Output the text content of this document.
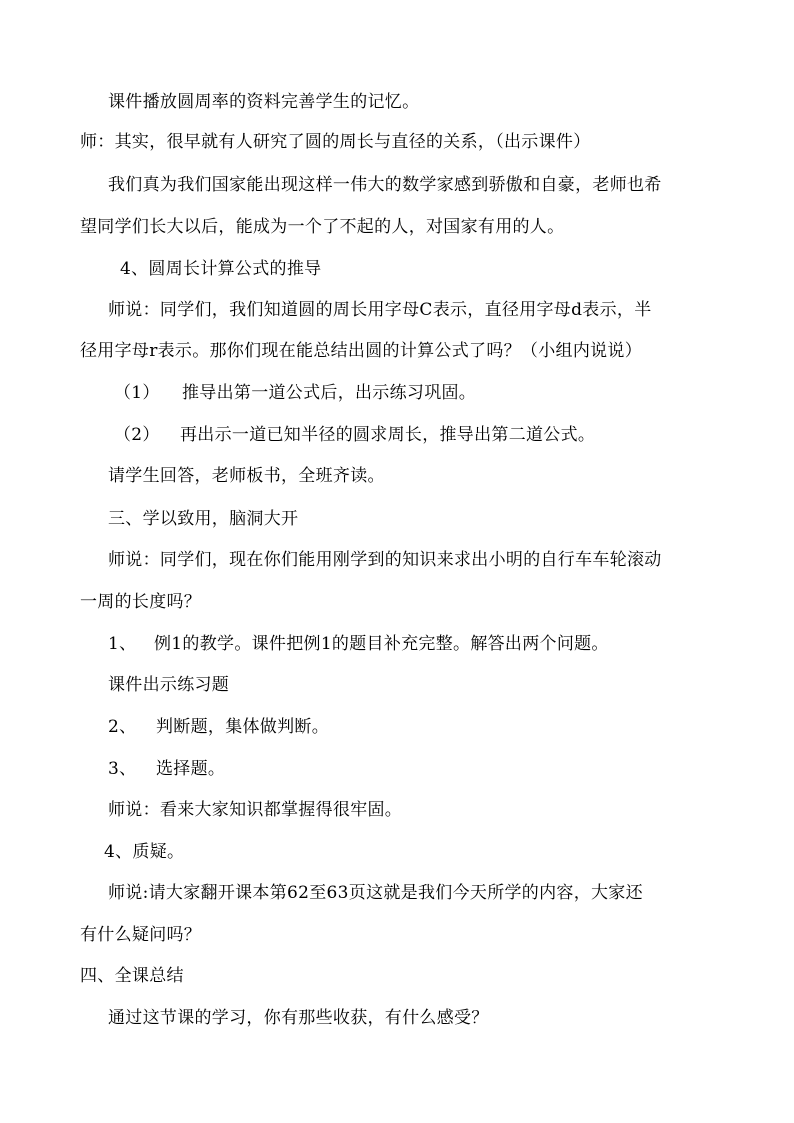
课件播放圆周率的资料完善学生的记忆。
师：其实，很早就有人研究了圆的周长与直径的关系，（出示课件）
我们真为我们国家能出现这样一伟大的数学家感到骄傲和自豪，老师也希
望同学们长大以后，能成为一个了不起的人，对国家有用的人。
4、圆周长计算公式的推导
师说：同学们，我们知道圆的周长用字母C表示，直径用字母d表示，半
径用字母r表示。那你们现在能总结出圆的计算公式了吗？（小组内说说）
（1） 推导出第一道公式后，出示练习巩固。
（2） 再出示一道已知半径的圆求周长，推导出第二道公式。
请学生回答，老师板书，全班齐读。
三、学以致用，脑洞大开
师说：同学们，现在你们能用刚学到的知识来求出小明的自行车车轮滚动
一周的长度吗？
1、 例1的教学。课件把例1的题目补充完整。解答出两个问题。
课件出示练习题
2、 判断题，集体做判断。
3、 选择题。
师说：看来大家知识都掌握得很牢固。
4、质疑。
师说:请大家翻开课本第62至63页这就是我们今天所学的内容，大家还
有什么疑问吗？
四、全课总结
通过这节课的学习，你有那些收获，有什么感受？
